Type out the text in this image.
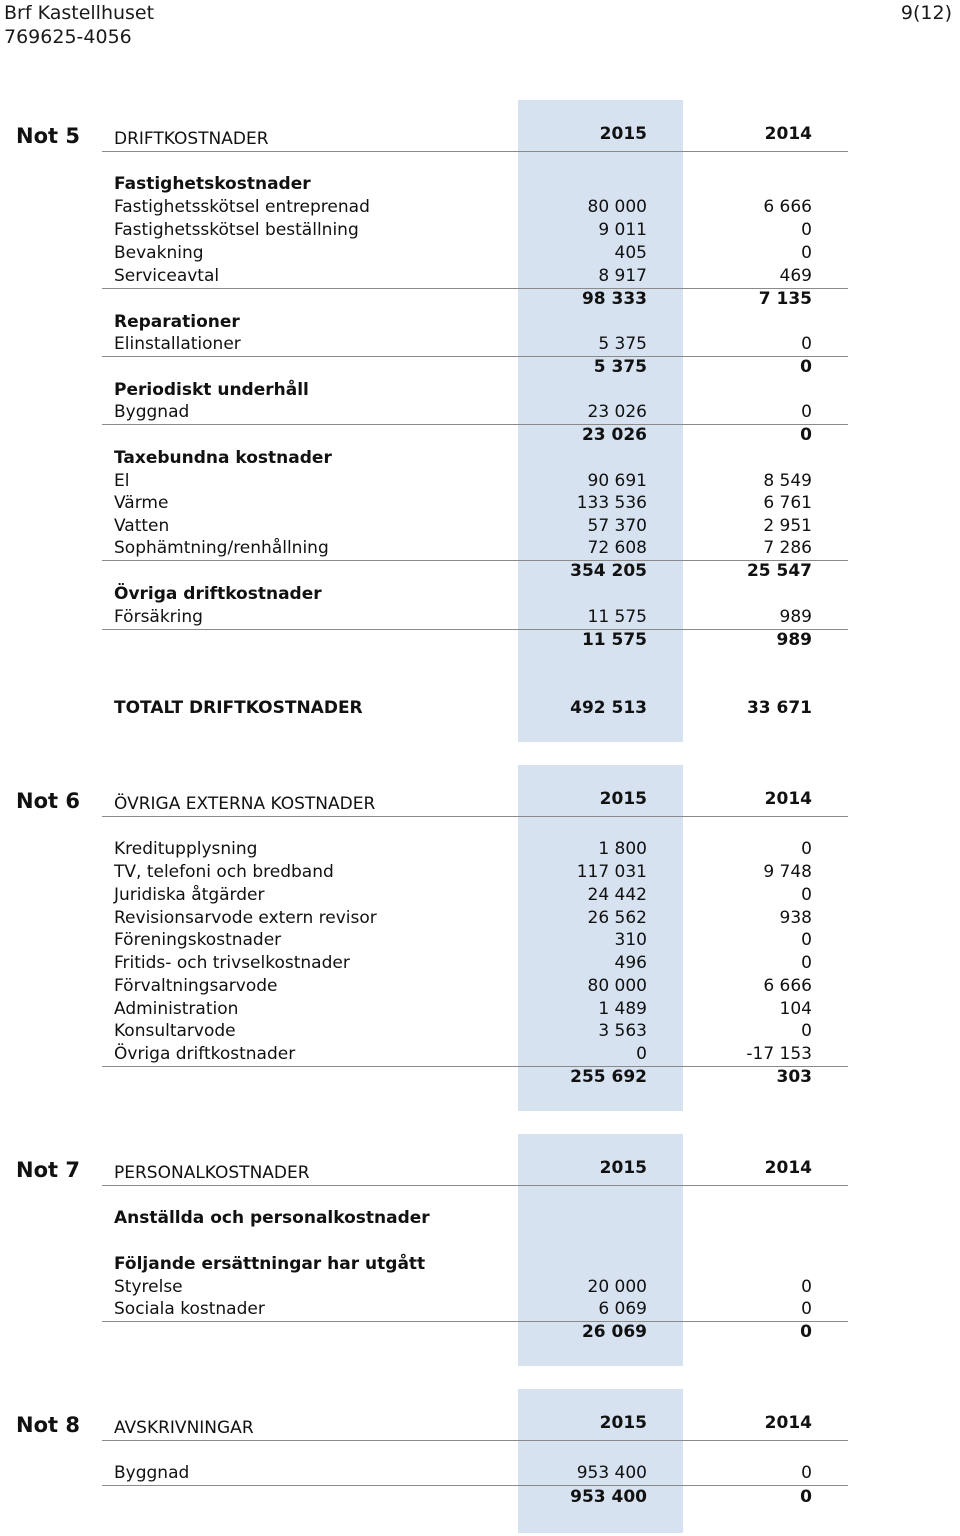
Brf Kastellhuset
769625-4056
9(12)
Not 5 DRIFTKOSTNADER	2015	2014
Fastighetskostnader
Fastighetsskötsel entreprenad	80 000	6 666
Fastighetsskötsel beställning	9 011	0
Bevakning	405	0
Serviceavtal	8 917	469
98 333	7 135
Reparationer
Elinstallationer	5 375	0
5 375	0
Periodiskt underhåll
Byggnad	23 026	0
23 026	0
Taxebundna kostnader
El	90 691	8 549
Värme	133 536	6 761
Vatten	57 370	2 951
Sophämtning/renhållning	72 608	7 286
354 205	25 547
Övriga driftkostnader
Försäkring	11 575	989
11 575	989
TOTALT DRIFTKOSTNADER	492 513	33 671
Not 6 ÖVRIGA EXTERNA KOSTNADER	2015	2014
Kreditupplysning	1 800	0
TV, telefoni och bredband	117 031	9 748
Juridiska åtgärder	24 442	0
Revisionsarvode extern revisor	26 562	938
Föreningskostnader	310	0
Fritids- och trivselkostnader	496	0
Förvaltningsarvode	80 000	6 666
Administration	1 489	104
Konsultarvode	3 563	0
Övriga driftkostnader	0	-17 153
255 692	303
Not 7 PERSONALKOSTNADER	2015	2014
Anställda och personalkostnader
Följande ersättningar har utgått
Styrelse	20 000	0
Sociala kostnader	6 069	0
26 069	0
Not 8 AVSKRIVNINGAR	2015	2014
Byggnad	953 400	0
953 400	0
